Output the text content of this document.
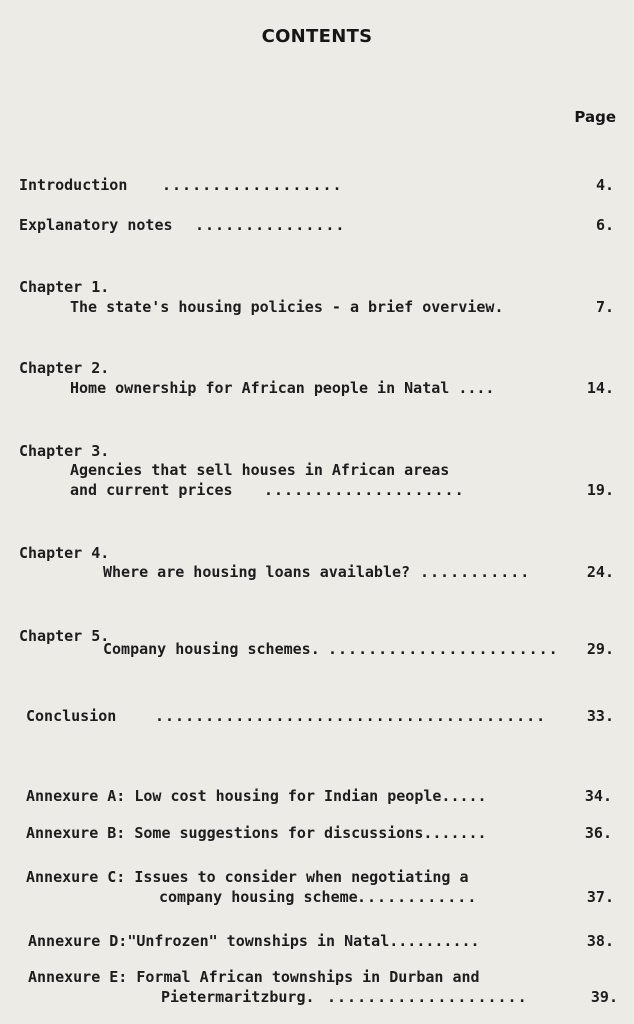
CONTENTS
Page
Introduction ..................	4.
Explanatory notes ...............	6.
Chapter 1.
The state's housing policies - a brief overview.	7.
Chapter 2.
Home ownership for African people in Natal ....	14.
Chapter 3.
Agencies that sell houses in African areas
and current prices ....................	19.
Chapter 4.
Where are housing loans available? ...........	24.
Chapter 5.
Company housing schemes. ....................... 29.
Conclusion	.......................................	33.
Annexure A: Low cost housing for Indian people.....	34.
Annexure B: Some suggestions for discussions.......	36.
Annexure C: Issues to consider when negotiating a
company housing scheme ............	37.
Annexure D:"Unfrozen" townships in Natal..........	38.
Annexure E: Formal African townships in Durban and
Pietermaritzburg. ....................	39.
